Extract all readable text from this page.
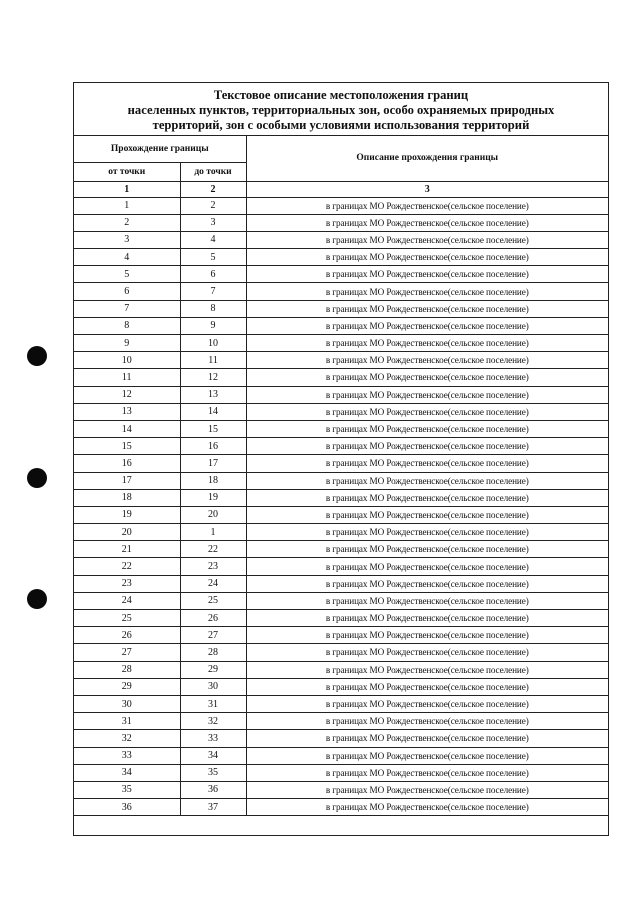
Текстовое описание местоположения границ
населенных пунктов, территориальных зон, особо охраняемых природных
территорий, зон с особыми условиями использования территорий
Прохождение границы		Описание прохождения границы
от точки	до точки	
1	2	3
1	2	в границах МО Рождественское(сельское поселение)
2	3	в границах МО Рождественское(сельское поселение)
3	4	в границах МО Рождественское(сельское поселение)
4	5	в границах МО Рождественское(сельское поселение)
5	6	в границах МО Рождественское(сельское поселение)
6	7	в границах МО Рождественское(сельское поселение)
7	8	в границах МО Рождественское(сельское поселение)
8	9	в границах МО Рождественское(сельское поселение)
9	10	в границах МО Рождественское(сельское поселение)
10	11	в границах МО Рождественское(сельское поселение)
11	12	в границах МО Рождественское(сельское поселение)
12	13	в границах МО Рождественское(сельское поселение)
13	14	в границах МО Рождественское(сельское поселение)
14	15	в границах МО Рождественское(сельское поселение)
15	16	в границах МО Рождественское(сельское поселение)
16	17	в границах МО Рождественское(сельское поселение)
17	18	в границах МО Рождественское(сельское поселение)
18	19	в границах МО Рождественское(сельское поселение)
19	20	в границах МО Рождественское(сельское поселение)
20	1	в границах МО Рождественское(сельское поселение)
21	22	в границах МО Рождественское(сельское поселение)
22	23	в границах МО Рождественское(сельское поселение)
23	24	в границах МО Рождественское(сельское поселение)
24	25	в границах МО Рождественское(сельское поселение)
25	26	в границах МО Рождественское(сельское поселение)
26	27	в границах МО Рождественское(сельское поселение)
27	28	в границах МО Рождественское(сельское поселение)
28	29	в границах МО Рождественское(сельское поселение)
29	30	в границах МО Рождественское(сельское поселение)
30	31	в границах МО Рождественское(сельское поселение)
31	32	в границах МО Рождественское(сельское поселение)
32	33	в границах МО Рождественское(сельское поселение)
33	34	в границах МО Рождественское(сельское поселение)
34	35	в границах МО Рождественское(сельское поселение)
35	36	в границах МО Рождественское(сельское поселение)
36	37	в границах МО Рождественское(сельское поселение)
